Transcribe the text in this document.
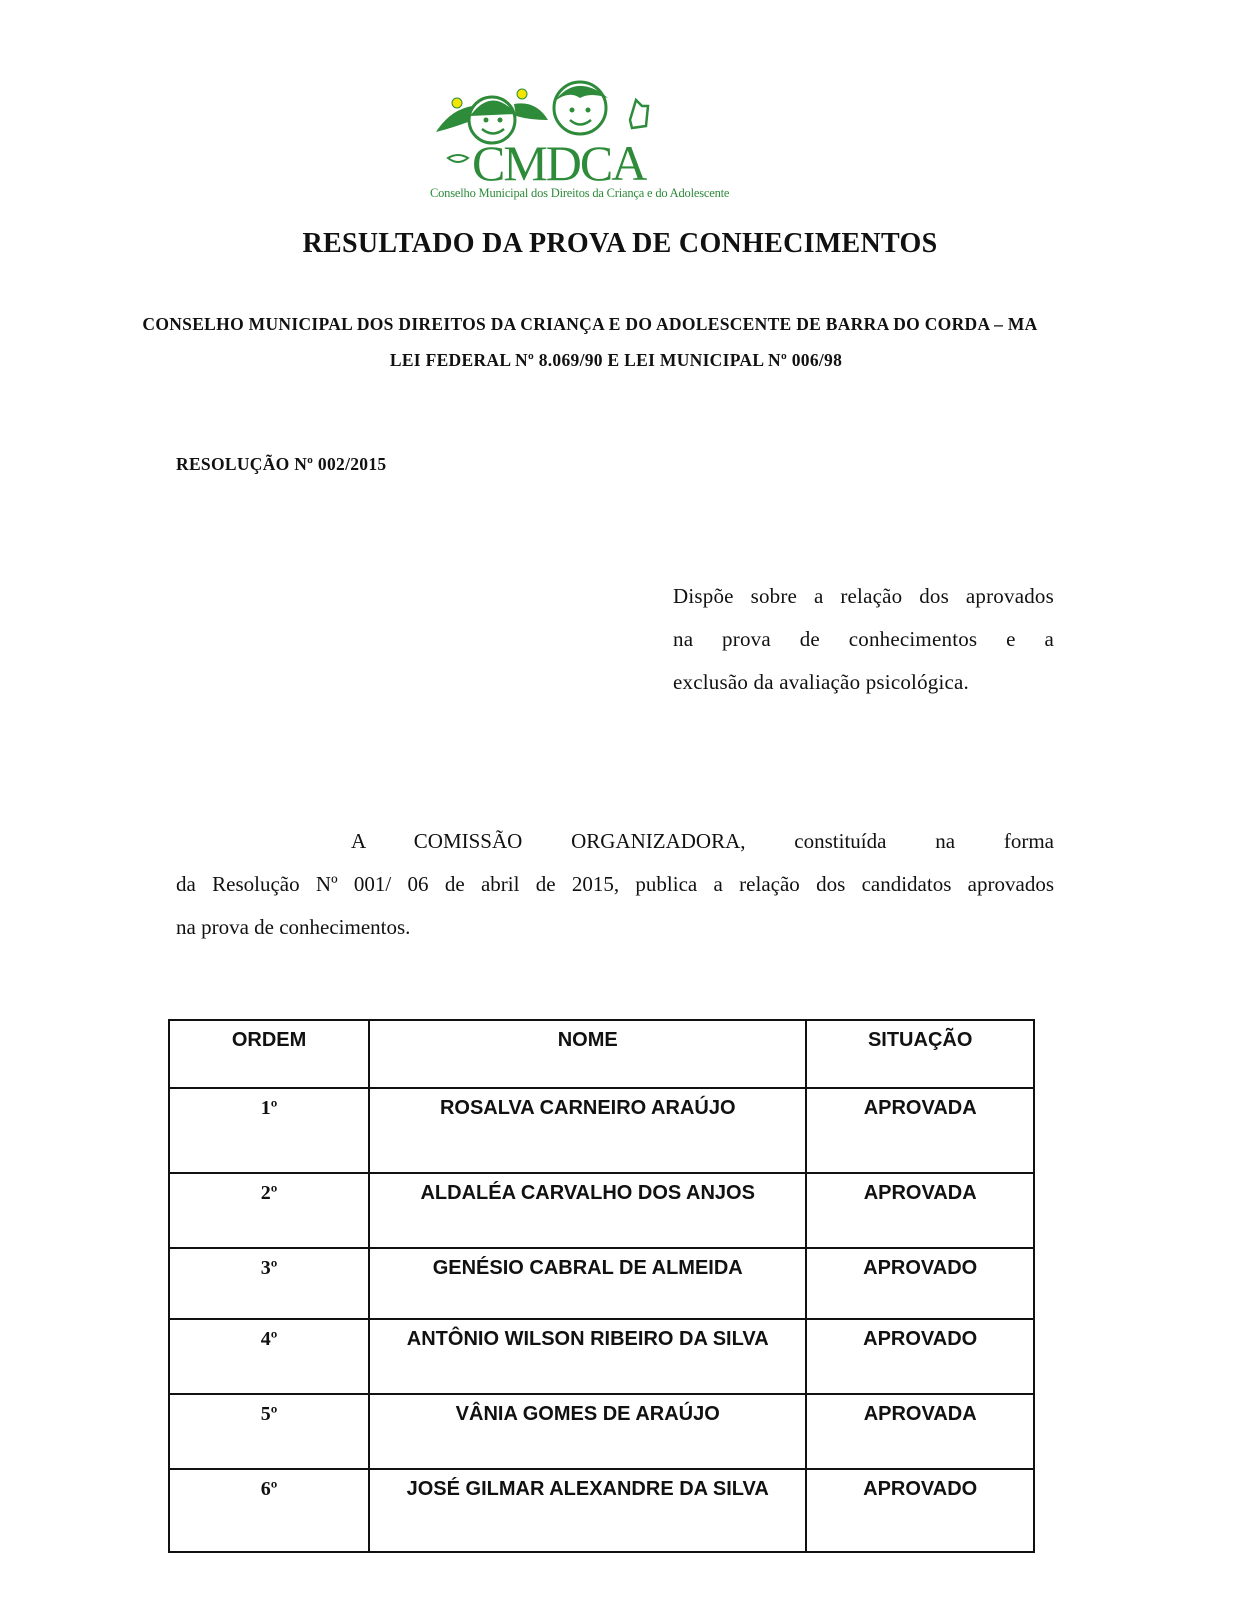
CMDCA
Conselho Municipal dos Direitos da Criança e do Adolescente
RESULTADO DA PROVA DE CONHECIMENTOS
CONSELHO MUNICIPAL DOS DIREITOS DA CRIANÇA E DO ADOLESCENTE DE BARRA DO CORDA – MA
LEI FEDERAL Nº 8.069/90 E LEI MUNICIPAL Nº 006/98
RESOLUÇÃO Nº 002/2015
Dispõe sobre a relação dos aprovados
na prova de conhecimentos e a
exclusão da avaliação psicológica.
A COMISSÃO ORGANIZADORA, constituída na forma
da Resolução Nº 001/ 06 de abril de 2015, publica a relação dos candidatos aprovados
na prova de conhecimentos.
ORDEM	NOME	SITUAÇÃO
1º	ROSALVA CARNEIRO ARAÚJO	APROVADA
2º	ALDALÉA CARVALHO DOS ANJOS	APROVADA
3º	GENÉSIO CABRAL DE ALMEIDA	APROVADO
4º	ANTÔNIO WILSON RIBEIRO DA SILVA	APROVADO
5º	VÂNIA GOMES DE ARAÚJO	APROVADA
6º	JOSÉ GILMAR ALEXANDRE DA SILVA	APROVADO
